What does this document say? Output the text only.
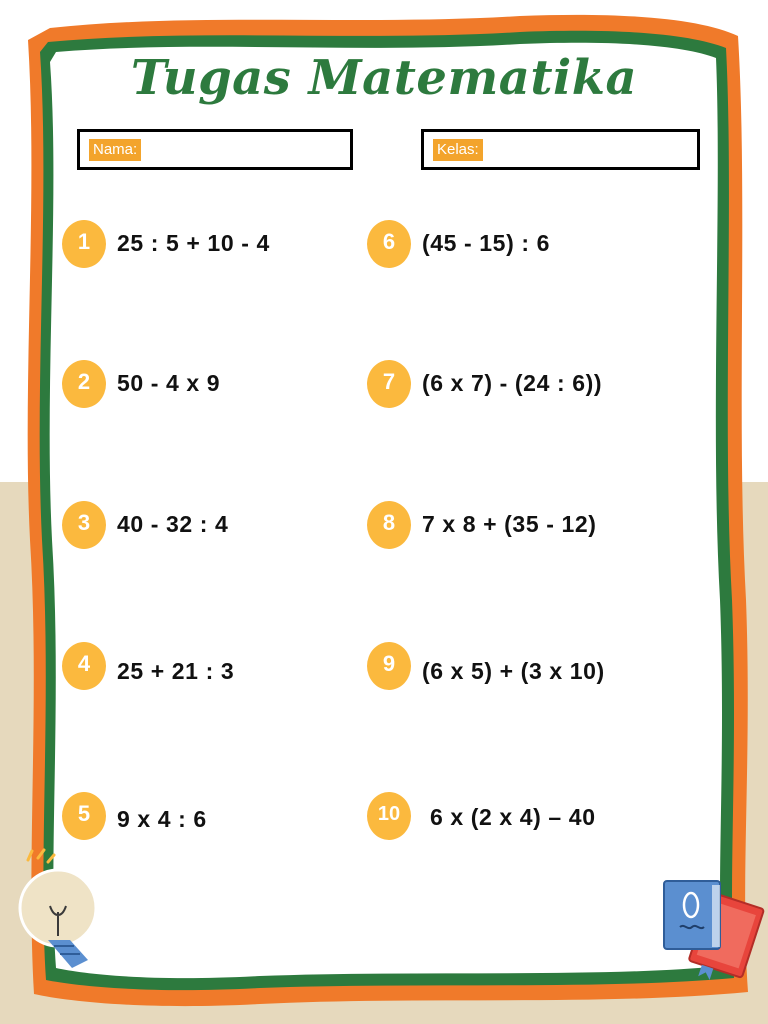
Tugas Matematika
Nama:	Kelas:
1	25 : 5 + 10 - 4
2	50 - 4 x 9
3	40 - 32 : 4
4	25 + 21 : 3
5	9 x 4 : 6
6	(45 - 15) : 6
7	(6 x 7) - (24 : 6))
8	7 x 8 + (35 - 12)
9	(6 x 5) + (3 x 10)
10	6 x (2 x 4) – 40
